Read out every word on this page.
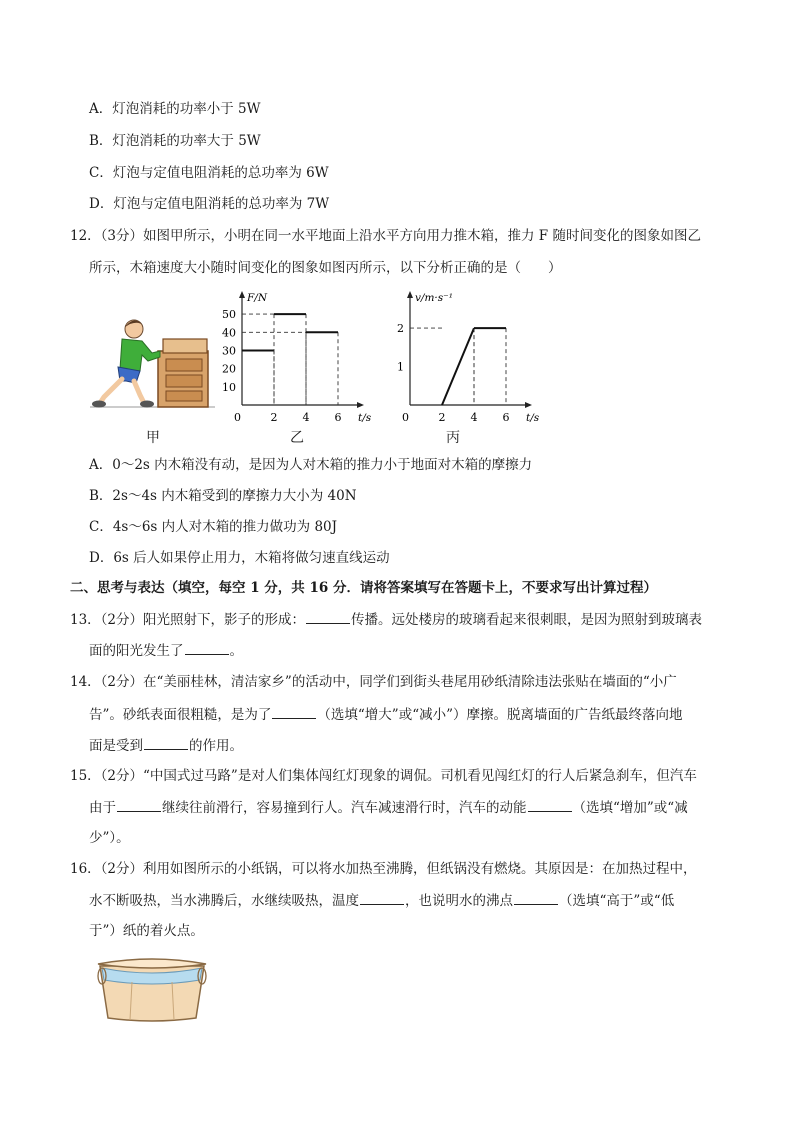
A．灯泡消耗的功率小于 5W
B．灯泡消耗的功率大于 5W
C．灯泡与定值电阻消耗的总功率为 6W
D．灯泡与定值电阻消耗的总功率为 7W
12．（3分）如图甲所示，小明在同一水平地面上沿水平方向用力推木箱，推力 F 随时间变化的图象如图乙
所示，木箱速度大小随时间变化的图象如图丙所示，以下分析正确的是（　　）
甲
F/N
t/s
0	2 4 6
10
20
30
40
50
乙
v/m·s⁻¹
t/s
0	2 4 6
1
2
丙
A．0～2s 内木箱没有动，是因为人对木箱的推力小于地面对木箱的摩擦力
B．2s～4s 内木箱受到的摩擦力大小为 40N
C．4s～6s 内人对木箱的推力做功为 80J
D．6s 后人如果停止用力，木箱将做匀速直线运动
二、思考与表达（填空，每空 1 分，共 16 分．请将答案填写在答题卡上，不要求写出计算过程）
13．（2分）阳光照射下，影子的形成：	传播。远处楼房的玻璃看起来很刺眼，是因为照射到玻璃表
面的阳光发生了	。
14．（2分）在“美丽桂林，清洁家乡”的活动中，同学们到街头巷尾用砂纸清除违法张贴在墙面的“小广
告”。砂纸表面很粗糙，是为了	（选填“增大”或“减小”）摩擦。脱离墙面的广告纸最终落向地
面是受到	的作用。
15．（2分）“中国式过马路”是对人们集体闯红灯现象的调侃。司机看见闯红灯的行人后紧急刹车，但汽车
由于	继续往前滑行，容易撞到行人。汽车减速滑行时，汽车的动能	（选填“增加”或“减
少”）。
16．（2分）利用如图所示的小纸锅，可以将水加热至沸腾，但纸锅没有燃烧。其原因是：在加热过程中，
水不断吸热，当水沸腾后，水继续吸热，温度	，也说明水的沸点	（选填“高于”或“低
于”）纸的着火点。
